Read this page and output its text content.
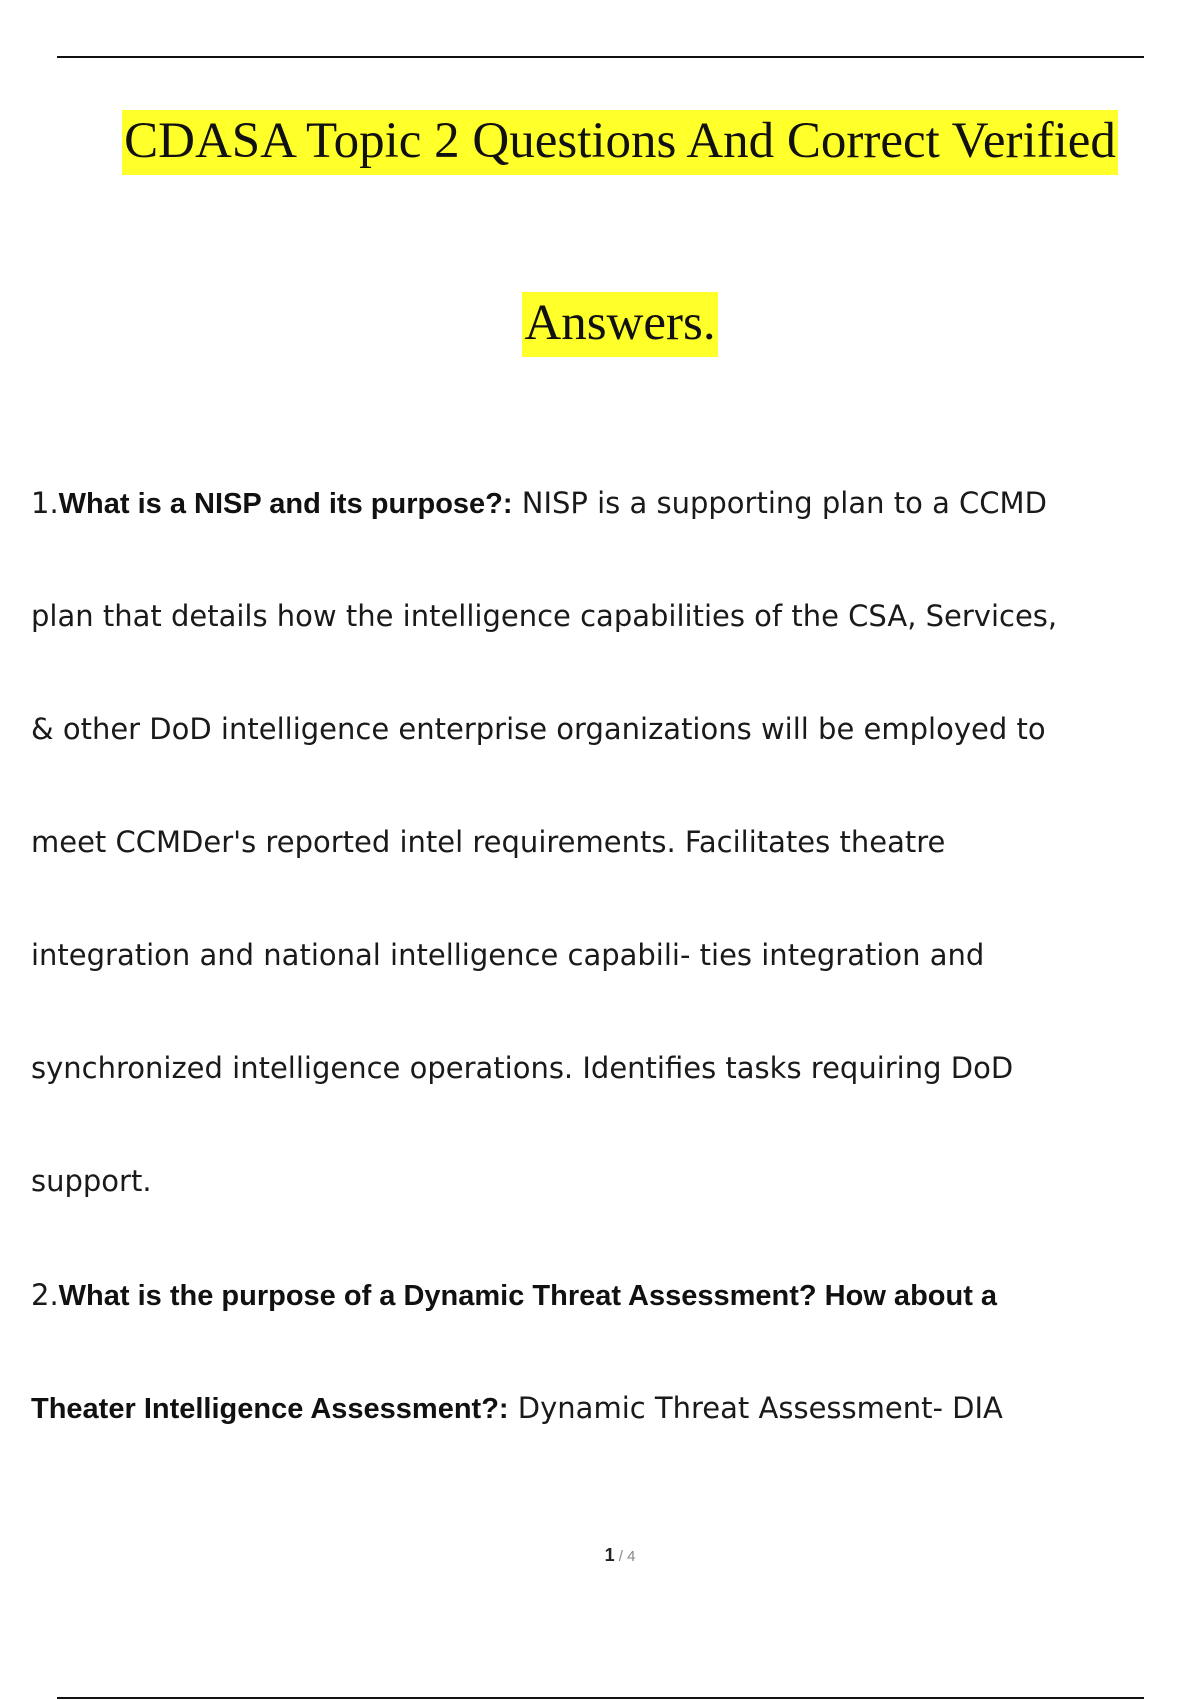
CDASA Topic 2 Questions And Correct Verified
Answers.
1.What is a NISP and its purpose?: NISP is a supporting plan to a CCMD
plan that details how the intelligence capabilities of the CSA, Services,
& other DoD intelligence enterprise organizations will be employed to
meet CCMDer's reported intel requirements. Facilitates theatre
integration and national intelligence capabili- ties integration and
synchronized intelligence operations. Identifies tasks requiring DoD
support.
2.What is the purpose of a Dynamic Threat Assessment? How about a
Theater Intelligence Assessment?: Dynamic Threat Assessment- DIA
1 / 4
